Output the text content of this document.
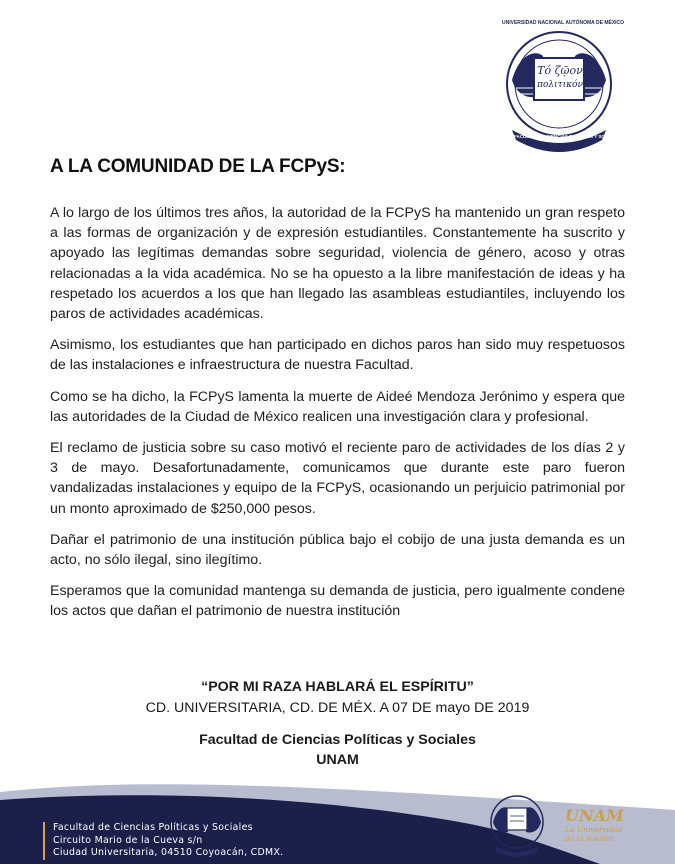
Τό ζῷον
πολιτικόν
UNIVERSIDAD NACIONAL AUTÓNOMA DE MÉXICO
FACULTAD DE CIENCIAS POLÍTICAS Y SOCIALES
A LA COMUNIDAD DE LA FCPyS:

A lo largo de los últimos tres años, la autoridad de la FCPyS ha mantenido un gran respeto a las formas de organización y de expresión estudiantiles. Constantemente ha suscrito y apoyado las legítimas demandas sobre seguridad, violencia de género, acoso y otras relacionadas a la vida académica. No se ha opuesto a la libre manifestación de ideas y ha respetado los acuerdos a los que han llegado las asambleas estudiantiles, incluyendo los paros de actividades académicas.

Asimismo, los estudiantes que han participado en dichos paros han sido muy respetuosos de las instalaciones e infraestructura de nuestra Facultad.

Como se ha dicho, la FCPyS lamenta la muerte de Aideé Mendoza Jerónimo y espera que las autoridades de la Ciudad de México realicen una investigación clara y profesional.

El reclamo de justicia sobre su caso motivó el reciente paro de actividades de los días 2 y 3 de mayo. Desafortunadamente, comunicamos que durante este paro fueron vandalizadas instalaciones y equipo de la FCPyS, ocasionando un perjuicio patrimonial por un monto aproximado de $250,000 pesos.

Dañar el patrimonio de una institución pública bajo el cobijo de una justa demanda es un acto, no sólo ilegal, sino ilegítimo.

Esperamos que la comunidad mantenga su demanda de justicia, pero igualmente condene los actos que dañan el patrimonio de nuestra institución

“POR MI RAZA HABLARÁ EL ESPÍRITU”
CD. UNIVERSITARIA, CD. DE MÉX. A 07 DE mayo DE 2019
Facultad de Ciencias Políticas y Sociales
UNAM
Facultad de Ciencias Políticas y Sociales
Circuito Mario de la Cueva s/n
Ciudad Universitaria, 04510 Coyoacán, CDMX.
UNAM
La Universidad de la Nación
